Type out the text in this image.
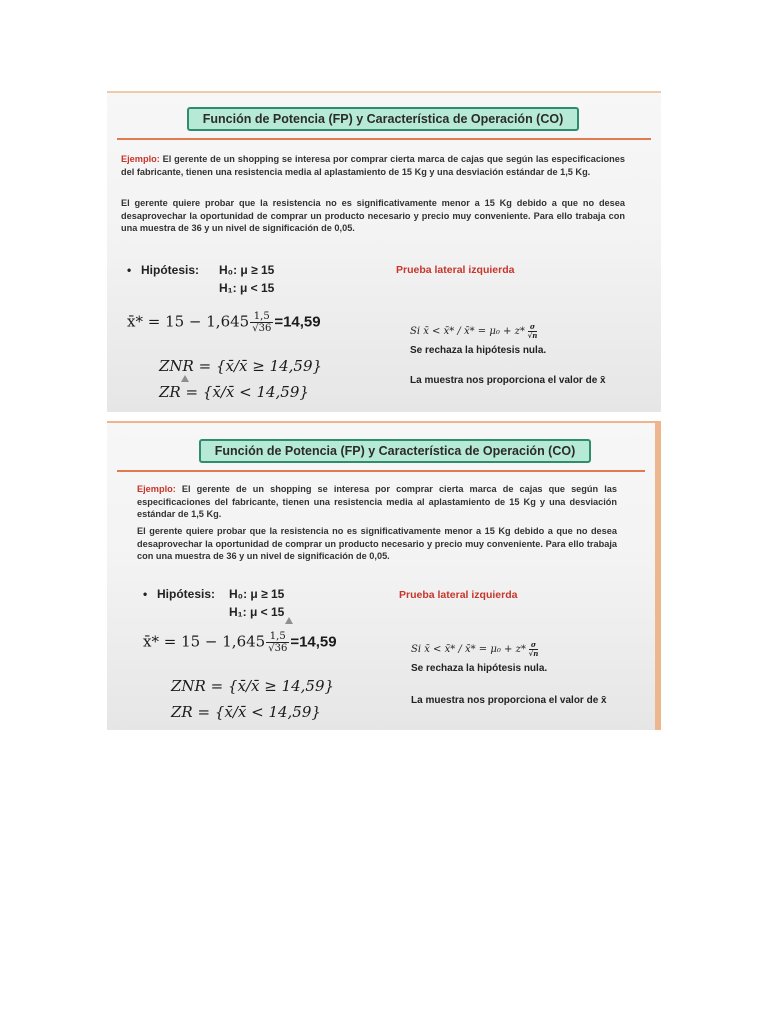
Función de Potencia (FP) y Característica de Operación (CO)
Ejemplo: El gerente de un shopping se interesa por comprar cierta marca de cajas que según las especificaciones del fabricante, tienen una resistencia media al aplastamiento de 15 Kg y una desviación estándar de 1,5 Kg.
El gerente quiere probar que la resistencia no es significativamente menor a 15 Kg debido a que no desea desaprovechar la oportunidad de comprar un producto necesario y precio muy conveniente. Para ello trabaja con una muestra de 36 y un nivel de significación de 0,05.
• Hipótesis: H₀: μ ≥ 15
H₁: μ < 15
Prueba lateral izquierda
x̄* = $15 - 1,645 \frac{1,5}{√36} =14,59$
Si x̄ < x̄* / x̄* = $\mu_0 + z* \frac{\sigma}{√n}$
Se rechaza la hipótesis nula.
ZNR = {x̄/x̄ ≥ 14,59}
ZR = {x̄/x̄ < 14,59}
La muestra nos proporciona el valor de x̄
Función de Potencia (FP) y Característica de Operación (CO)
Ejemplo: El gerente de un shopping se interesa por comprar cierta marca de cajas que según las especificaciones del fabricante, tienen una resistencia media al aplastamiento de 15 Kg y una desviación estándar de 1,5 Kg.
El gerente quiere probar que la resistencia no es significativamente menor a 15 Kg debido a que no desea desaprovechar la oportunidad de comprar un producto necesario y precio muy conveniente. Para ello trabaja con una muestra de 36 y un nivel de significación de 0,05.
• Hipótesis: H₀: μ ≥ 15
H₁: μ < 15
Prueba lateral izquierda
x̄* = $15 - 1,645 \frac{1,5}{√36} =14,59$	Si x̄ < x̄* / x̄* = $\mu_0 + z* \frac{\sigma}{√n}$
Se rechaza la hipótesis nula.
ZNR = {x̄/x̄ ≥ 14,59}
ZR = {x̄/x̄ < 14,59}
La muestra nos proporciona el valor de x̄
